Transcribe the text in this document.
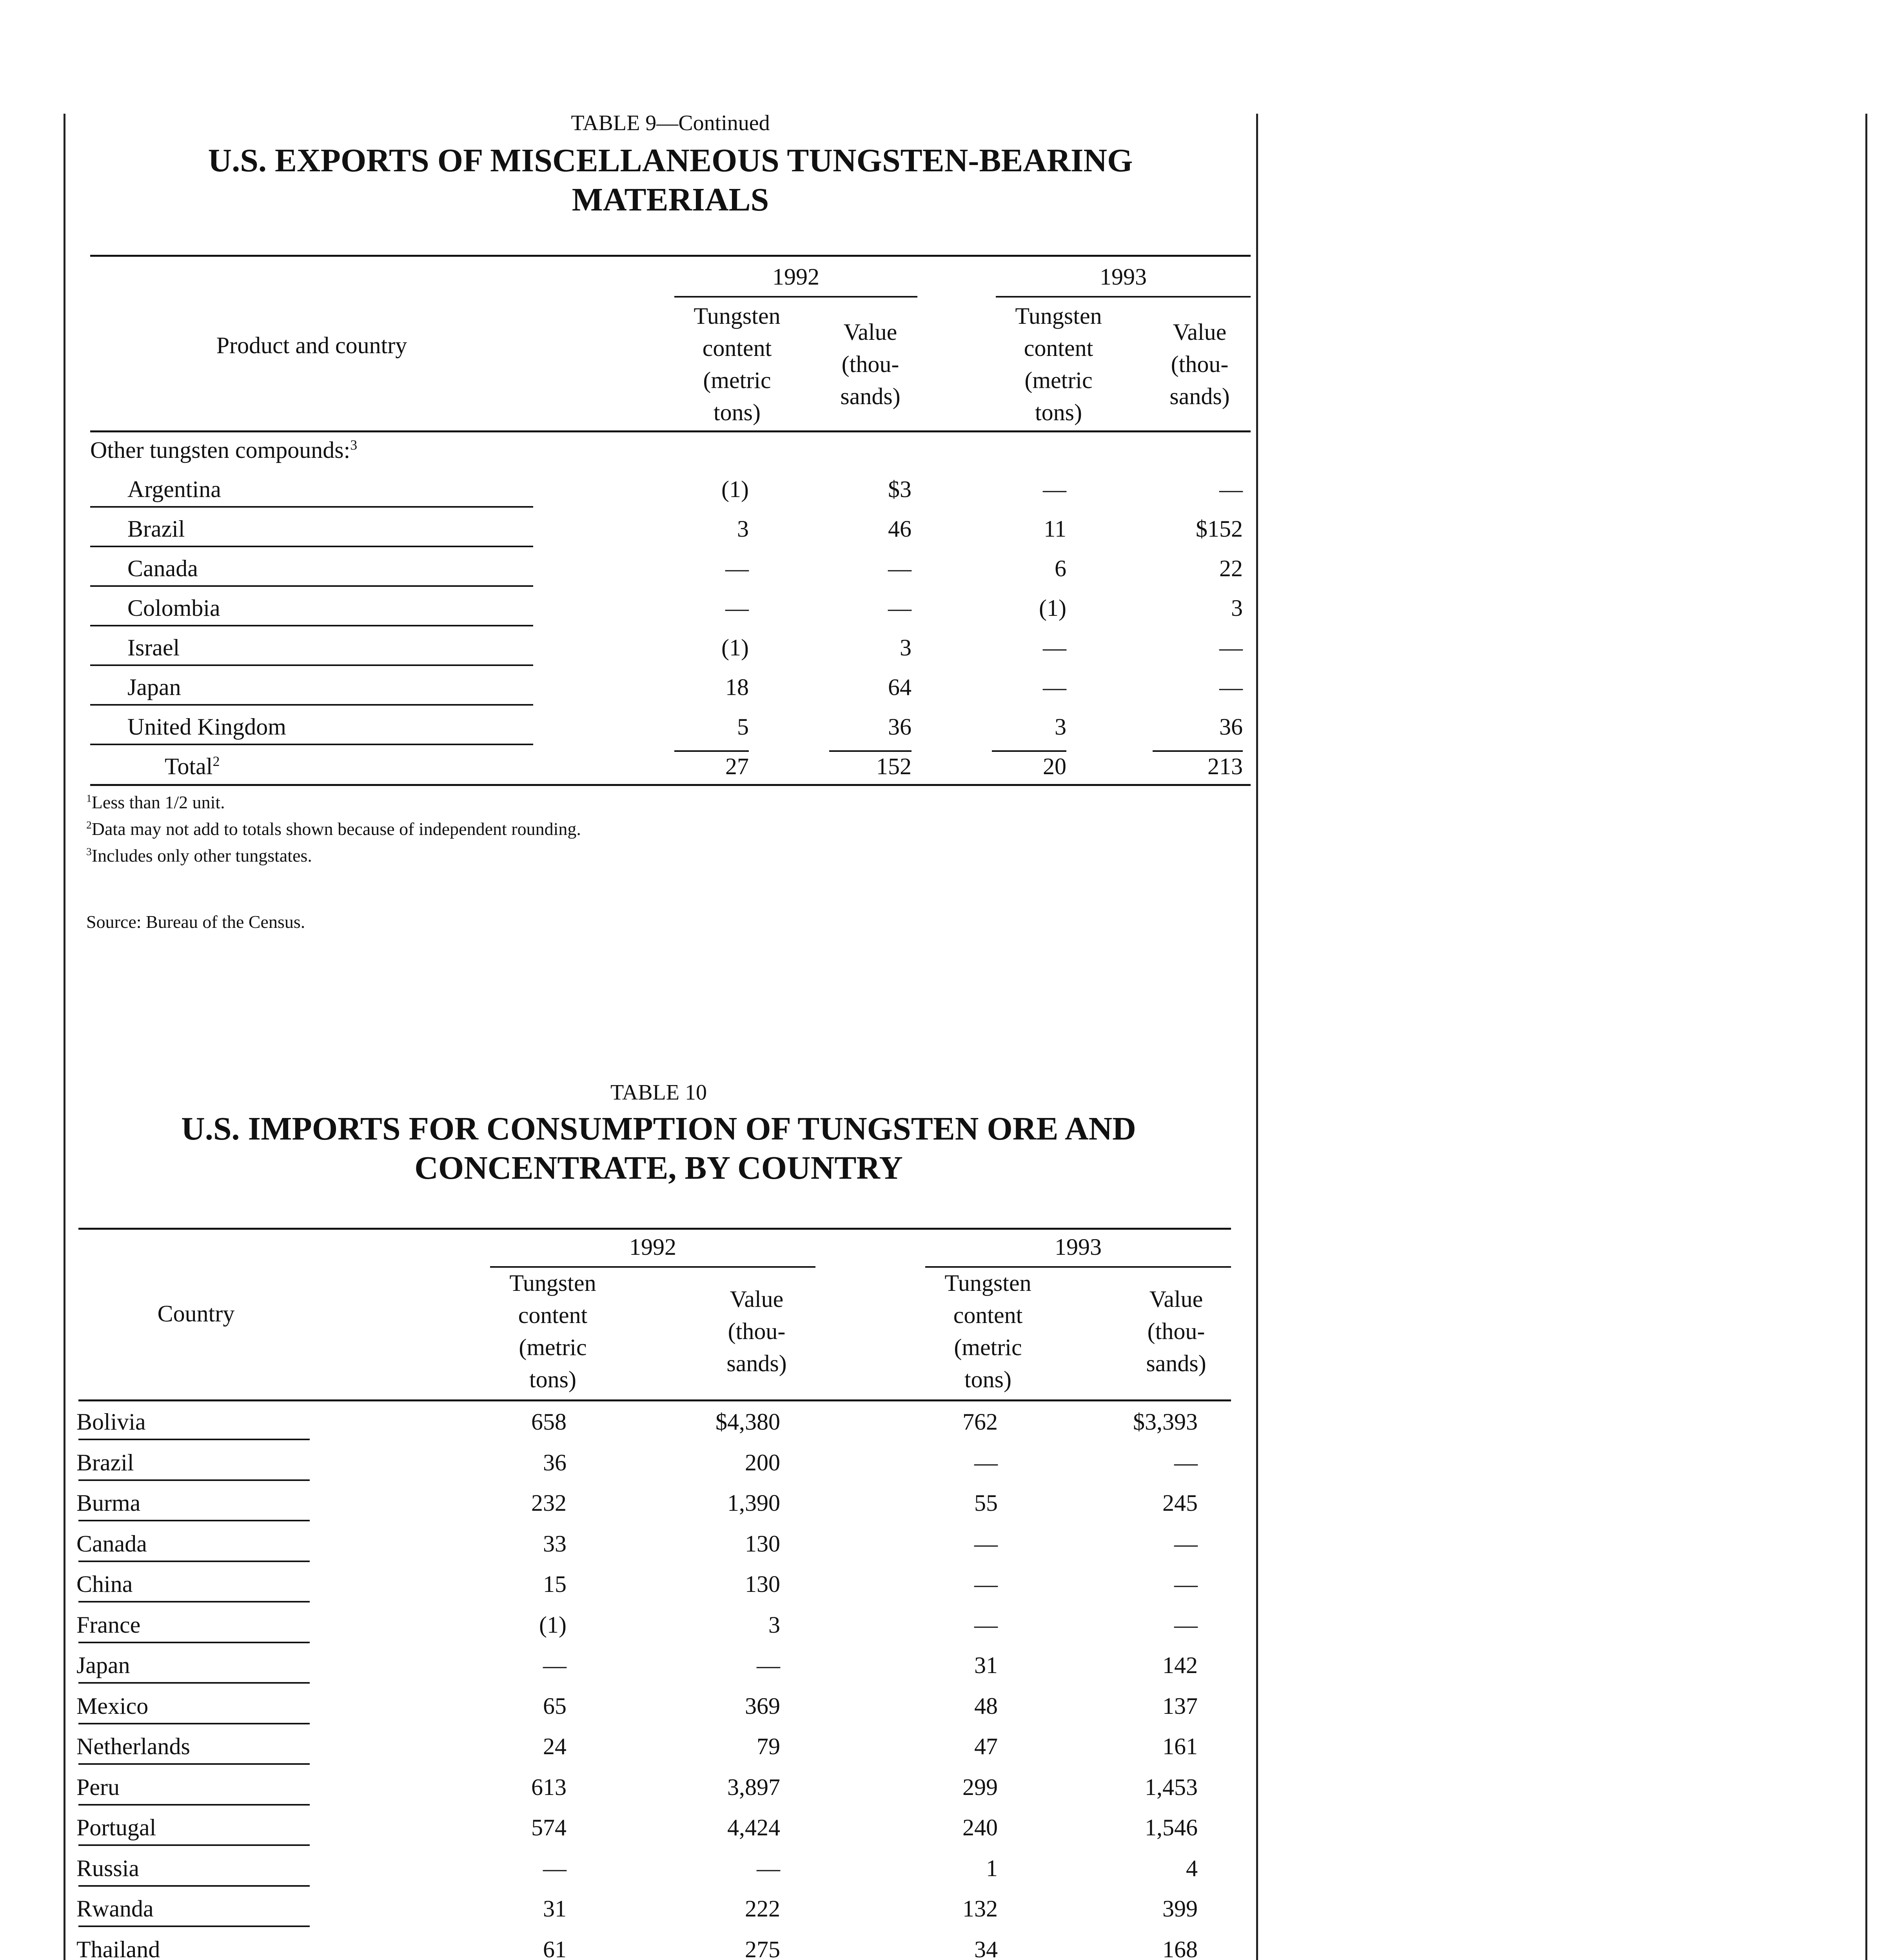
TABLE 9—Continued
U.S. EXPORTS OF MISCELLANEOUS TUNGSTEN-BEARING
MATERIALS
1992	1993
Product and country
Tungsten
content
(metric
tons)
Value
(thou-
sands)
Tungsten
content
(metric
tons)
Value
(thou-
sands)
Other tungsten compounds:$^3$
Argentina	(1)	$3	—	—
Brazil	3	46	11	$152
Canada	—	—	6	22
Colombia	—	—	(1)	3
Israel	(1)	3	—	—
Japan	18	64	—	—
United Kingdom	5	36	3	36
Total$^2$	27	152	20	213
$^1$Less than 1/2 unit.
$^2$Data may not add to totals shown because of independent rounding.
$^3$Includes only other tungstates.
Source: Bureau of the Census.
TABLE 10
U.S. IMPORTS FOR CONSUMPTION OF TUNGSTEN ORE AND
CONCENTRATE, BY COUNTRY
1992	1993
Country
Tungsten
content
(metric
tons)
Value
(thou-
sands)
Tungsten
content
(metric
tons)
Value
(thou-
sands)
Bolivia	658	$4,380	762	$3,393
Brazil	36	200	—	—
Burma	232	1,390	55	245
Canada	33	130	—	—
China	15	130	—	—
France	(1)	3	—	—
Japan	—	—	31	142
Mexico	65	369	48	137
Netherlands	24	79	47	161
Peru	613	3,897	299	1,453
Portugal	574	4,424	240	1,546
Russia	—	—	1	4
Rwanda	31	222	132	399
Thailand	61	275	34	168
